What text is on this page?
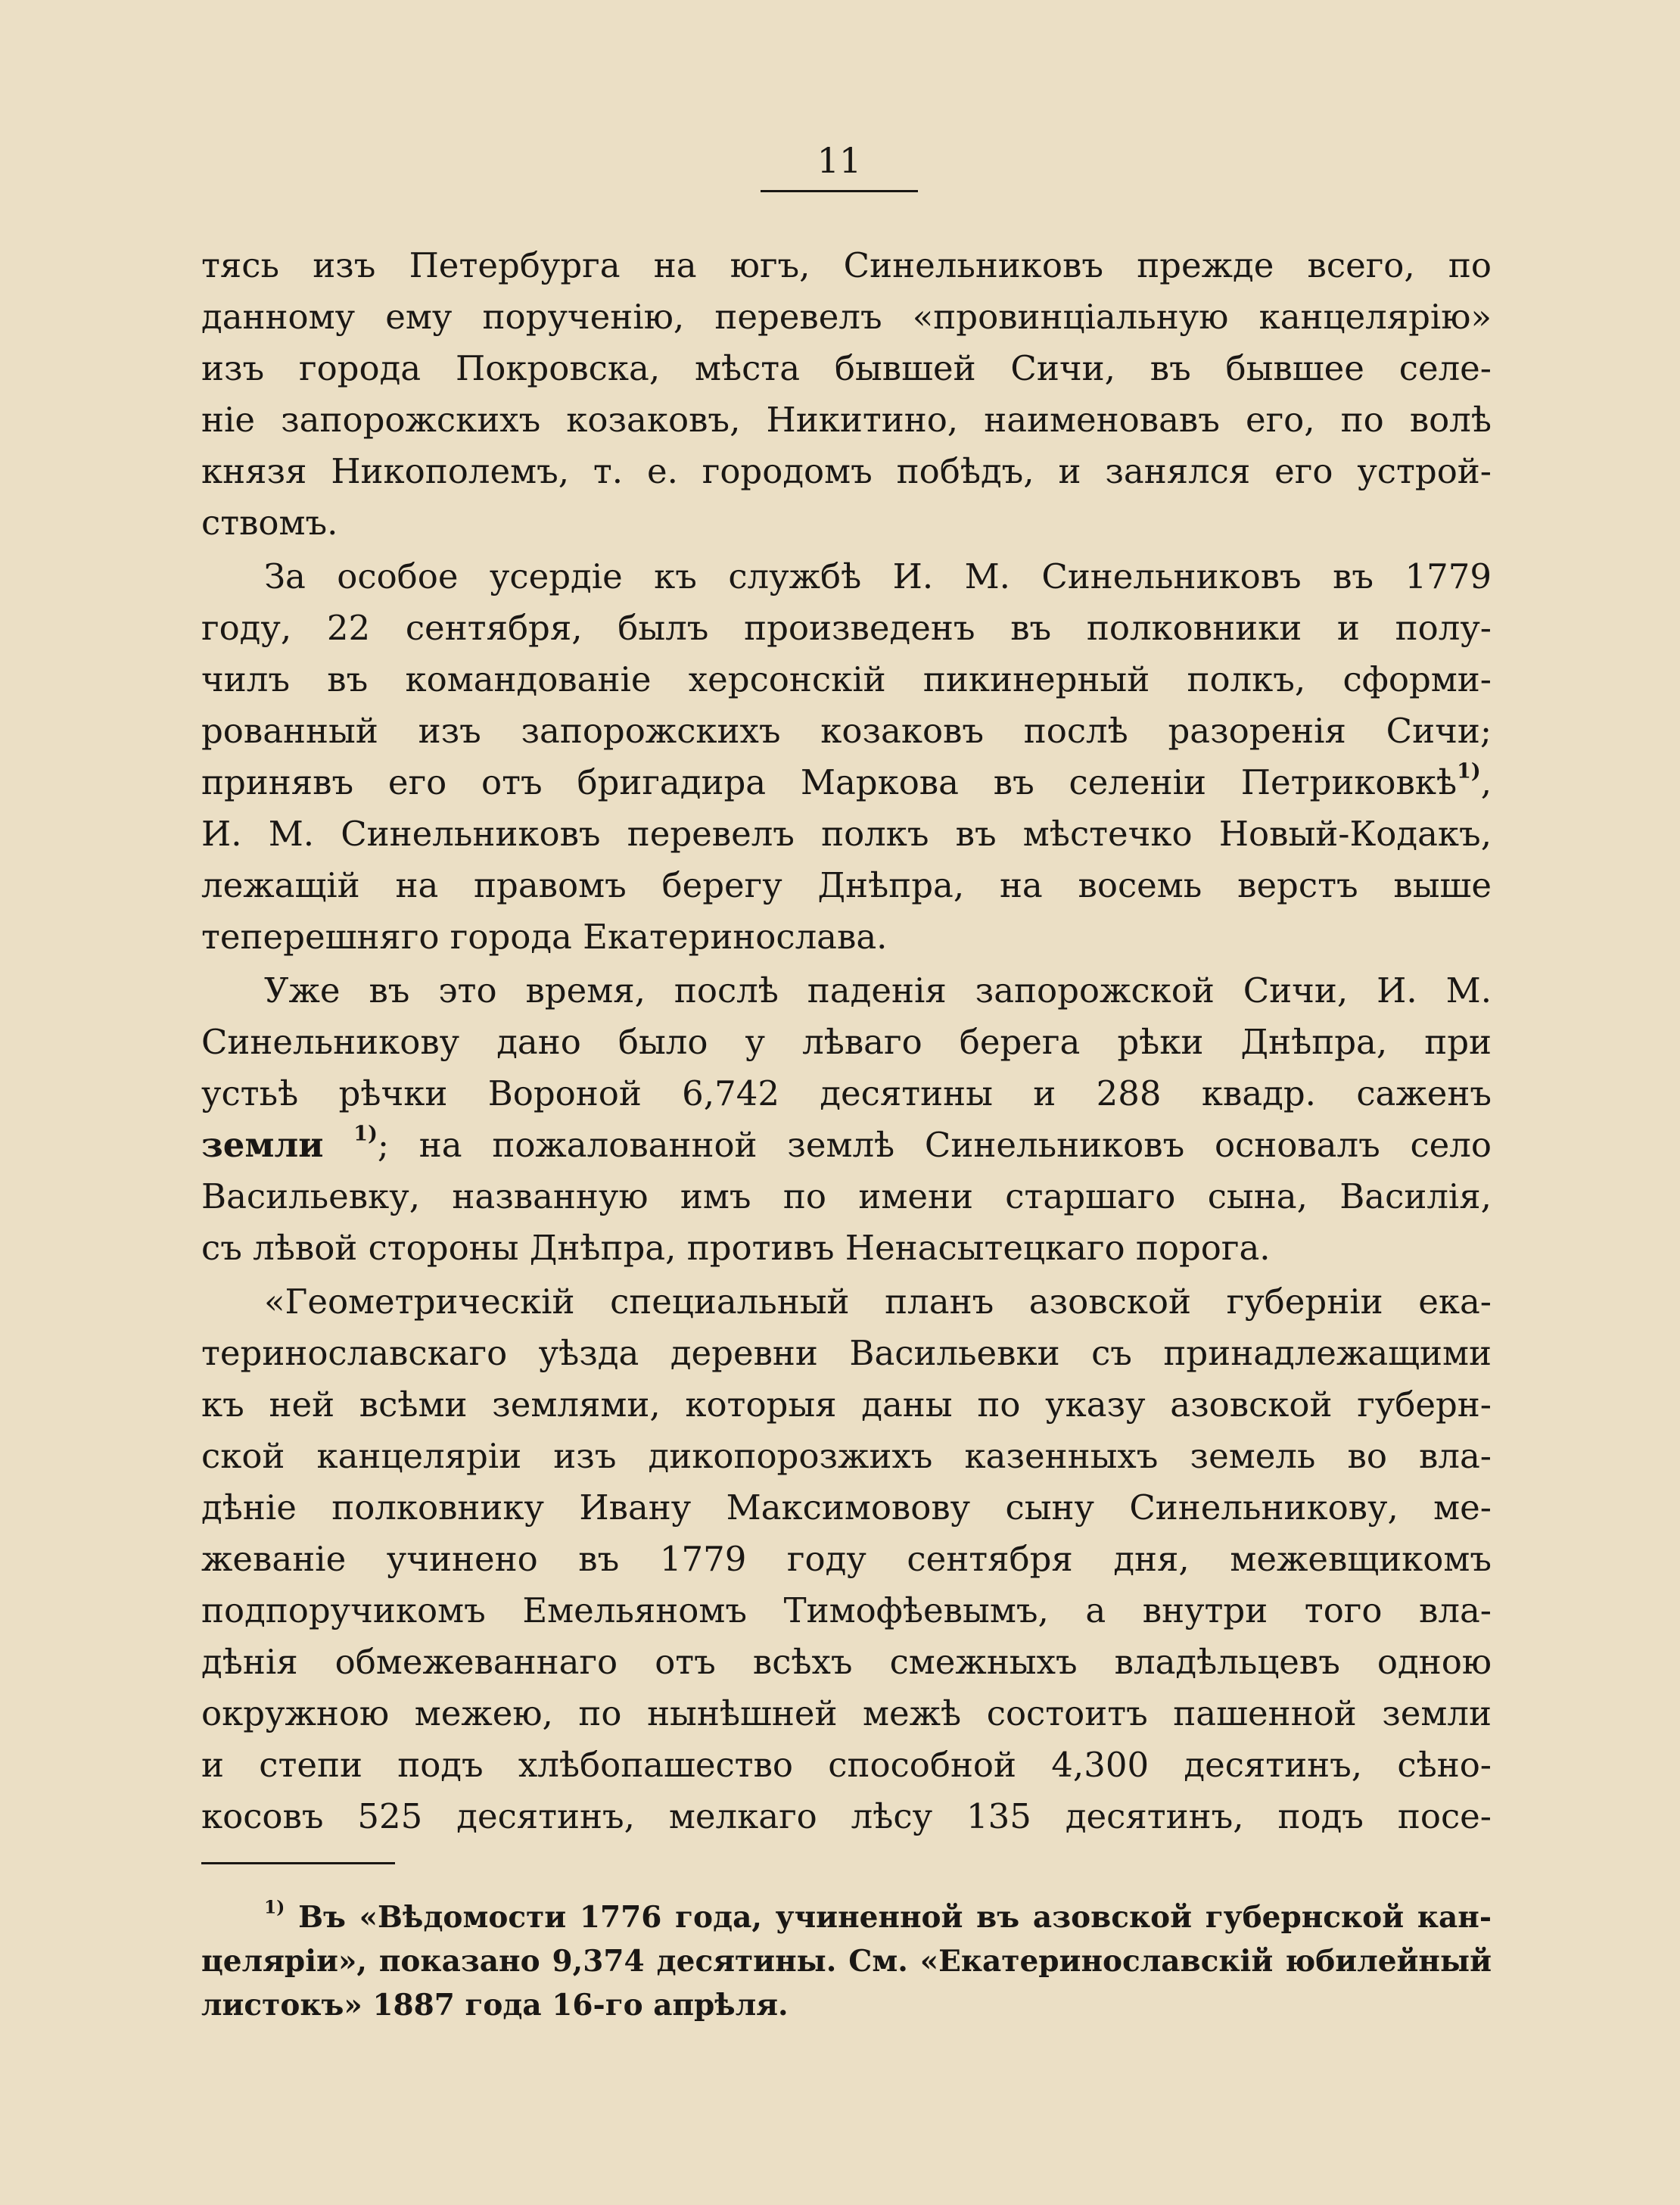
11
тясь изъ Петербурга на югъ, Синельниковъ прежде всего, по
данному ему порученію, перевелъ «провинціальную канцелярію»
изъ города Покровска, мѣста бывшей Сичи, въ бывшее селе-
ніе запорожскихъ козаковъ, Никитино, наименовавъ его, по волѣ
князя Никополемъ, т. е. городомъ побѣдъ, и занялся его устрой-
ствомъ.
За особое усердіе къ службѣ И. М. Синельниковъ въ 1779
году, 22 сентября, былъ произведенъ въ полковники и полу-
чилъ въ командованіе херсонскій пикинерный полкъ, сформи-
рованный изъ запорожскихъ козаковъ послѣ разоренія Сичи;
принявъ его отъ бригадира Маркова въ селеніи Петриковкѣ$^{1)}$,
И. М. Синельниковъ перевелъ полкъ въ мѣстечко Новый-Кодакъ,
лежащій на правомъ берегу Днѣпра, на восемь верстъ выше
теперешняго города Екатеринослава.
Уже въ это время, послѣ паденія запорожской Сичи, И. М.
Синельникову дано было у лѣваго берега рѣки Днѣпра, при
устьѣ рѣчки Вороной 6,742 десятины и 288 квадр. саженъ
земли $^{1)}$; на пожалованной землѣ Синельниковъ основалъ село
Васильевку, названную имъ по имени старшаго сына, Василія,
съ лѣвой стороны Днѣпра, противъ Ненасытецкаго порога.
«Геометрическій специальный планъ азовской губерніи ека-
теринославскаго уѣзда деревни Васильевки съ принадлежащими
къ ней всѣми землями, которыя даны по указу азовской губерн-
ской канцеляріи изъ дикопорозжихъ казенныхъ земель во вла-
дѣніе полковнику Ивану Максимовову сыну Синельникову, ме-
жеваніе учинено въ 1779 году сентября дня, межевщикомъ
подпоручикомъ Емельяномъ Тимофѣевымъ, а внутри того вла-
дѣнія обмежеваннаго отъ всѣхъ смежныхъ владѣльцевъ одною
окружною межею, по нынѣшней межѣ состоитъ пашенной земли
и степи подъ хлѣбопашество способной 4,300 десятинъ, сѣно-
косовъ 525 десятинъ, мелкаго лѣсу 135 десятинъ, подъ посе-
$^{1)}$ Въ «Вѣдомости 1776 года, учиненной въ азовской губернской кан-
целяріи», показано 9,374 десятины. См. «Екатеринославскій юбилейный
листокъ» 1887 года 16-го апрѣля.
